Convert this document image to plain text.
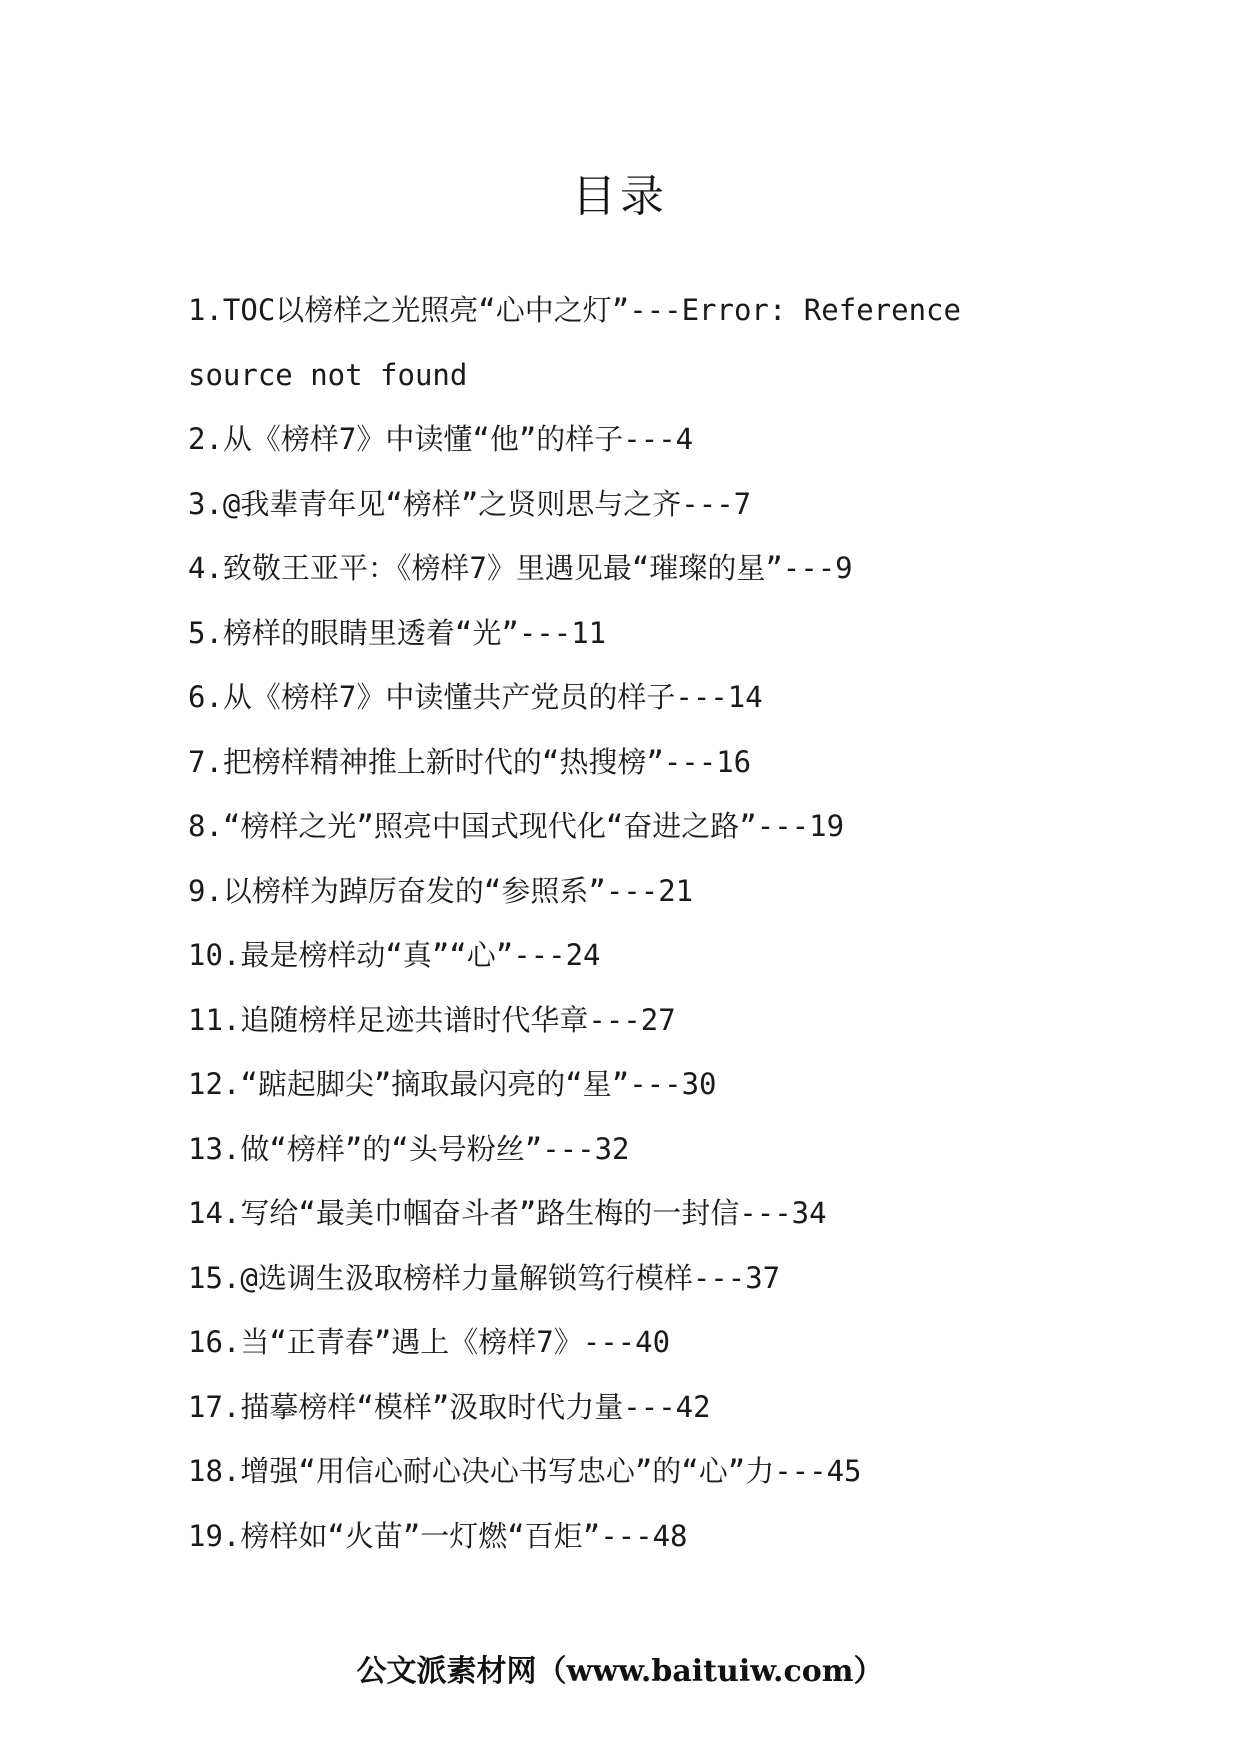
目录
1.TOC以榜样之光照亮“心中之灯”---Error: Reference source not found
2.从《榜样7》中读懂“他”的样子---4
3.@我辈青年见“榜样”之贤则思与之齐---7
4.致敬王亚平：《榜样7》里遇见最“璀璨的星”---9
5.榜样的眼睛里透着“光”---11
6.从《榜样7》中读懂共产党员的样子---14
7.把榜样精神推上新时代的“热搜榜”---16
8.“榜样之光”照亮中国式现代化“奋进之路”---19
9.以榜样为踔厉奋发的“参照系”---21
10.最是榜样动“真”“心”---24
11.追随榜样足迹共谱时代华章---27
12.“踮起脚尖”摘取最闪亮的“星”---30
13.做“榜样”的“头号粉丝”---32
14.写给“最美巾帼奋斗者”路生梅的一封信---34
15.@选调生汲取榜样力量解锁笃行模样---37
16.当“正青春”遇上《榜样7》---40
17.描摹榜样“模样”汲取时代力量---42
18.增强“用信心耐心决心书写忠心”的“心”力---45
19.榜样如“火苗”一灯燃“百炬”---48
公文派素材网（www.baituiw.com）
